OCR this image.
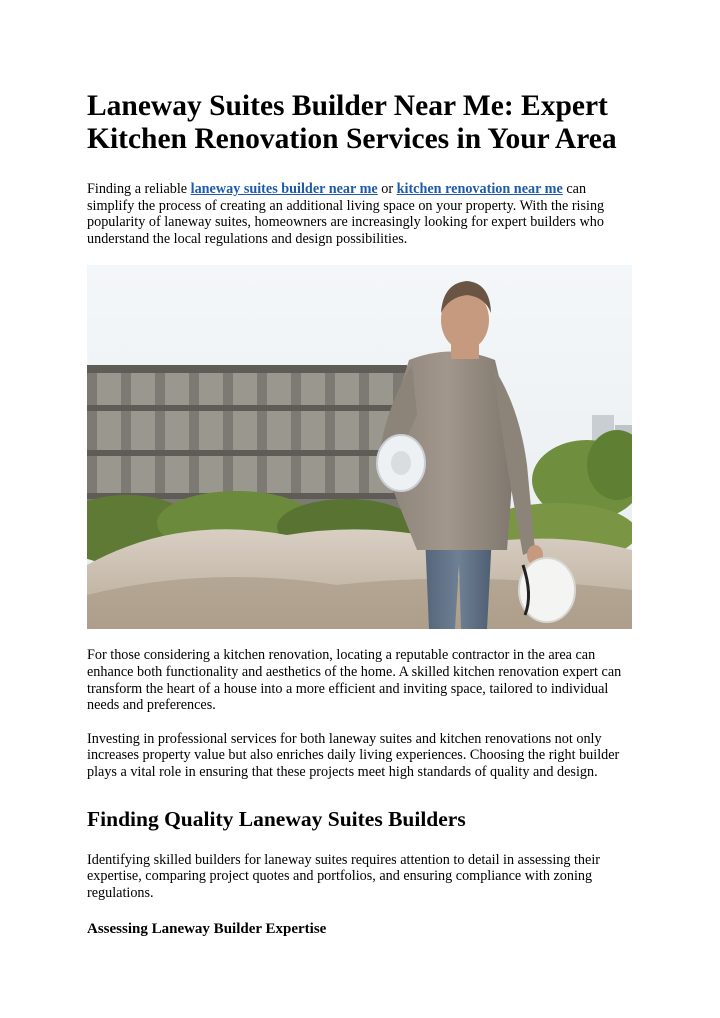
Laneway Suites Builder Near Me: Expert Kitchen Renovation Services in Your Area

Finding a reliable laneway suites builder near me or kitchen renovation near me can simplify the process of creating an additional living space on your property. With the rising popularity of laneway suites, homeowners are increasingly looking for expert builders who understand the local regulations and design possibilities.

For those considering a kitchen renovation, locating a reputable contractor in the area can enhance both functionality and aesthetics of the home. A skilled kitchen renovation expert can transform the heart of a house into a more efficient and inviting space, tailored to individual needs and preferences.

Investing in professional services for both laneway suites and kitchen renovations not only increases property value but also enriches daily living experiences. Choosing the right builder plays a vital role in ensuring that these projects meet high standards of quality and design.

Finding Quality Laneway Suites Builders

Identifying skilled builders for laneway suites requires attention to detail in assessing their expertise, comparing project quotes and portfolios, and ensuring compliance with zoning regulations.

Assessing Laneway Builder Expertise
